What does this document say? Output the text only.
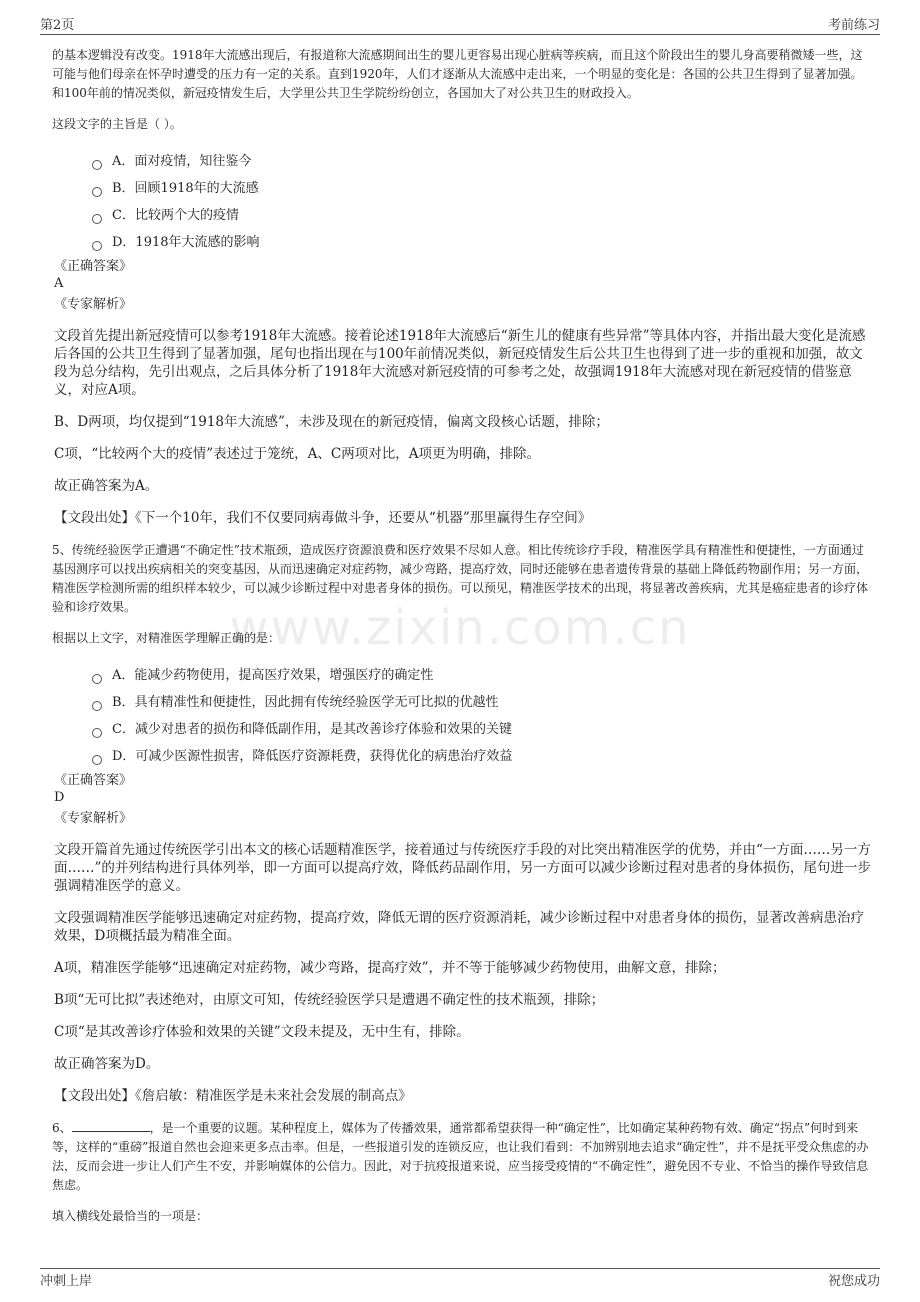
第2页	考前练习
www.zixin.com.cn

的基本逻辑没有改变。1918年大流感出现后，有报道称大流感期间出生的婴儿更容易出现心脏病等疾病，而且这个阶段出生的婴儿身高要稍微矮一些，这可能与他们母亲在怀孕时遭受的压力有一定的关系。直到1920年，人们才逐渐从大流感中走出来，一个明显的变化是：各国的公共卫生得到了显著加强。和100年前的情况类似，新冠疫情发生后，大学里公共卫生学院纷纷创立，各国加大了对公共卫生的财政投入。

这段文字的主旨是（ ）。

A．面对疫情，知往鉴今
B．回顾1918年的大流感
C．比较两个大的疫情
D．1918年大流感的影响
《正确答案》
A
《专家解析》

文段首先提出新冠疫情可以参考1918年大流感。接着论述1918年大流感后“新生儿的健康有些异常”等具体内容，并指出最大变化是流感后各国的公共卫生得到了显著加强，尾句也指出现在与100年前情况类似，新冠疫情发生后公共卫生也得到了进一步的重视和加强，故文段为总分结构，先引出观点，之后具体分析了1918年大流感对新冠疫情的可参考之处，故强调1918年大流感对现在新冠疫情的借鉴意义，对应A项。

B、D两项，均仅提到“1918年大流感”，未涉及现在的新冠疫情，偏离文段核心话题，排除；

C项，“比较两个大的疫情”表述过于笼统，A、C两项对比，A项更为明确，排除。

故正确答案为A。

【文段出处】《下一个10年，我们不仅要同病毒做斗争，还要从“机器”那里赢得生存空间》

5、传统经验医学正遭遇“不确定性”技术瓶颈，造成医疗资源浪费和医疗效果不尽如人意。相比传统诊疗手段，精准医学具有精准性和便捷性，一方面通过基因测序可以找出疾病相关的突变基因，从而迅速确定对症药物，减少弯路，提高疗效，同时还能够在患者遗传背景的基础上降低药物副作用；另一方面，精准医学检测所需的组织样本较少，可以减少诊断过程中对患者身体的损伤。可以预见，精准医学技术的出现，将显著改善疾病，尤其是癌症患者的诊疗体验和诊疗效果。

根据以上文字，对精准医学理解正确的是：

A．能减少药物使用，提高医疗效果，增强医疗的确定性
B．具有精准性和便捷性，因此拥有传统经验医学无可比拟的优越性
C．减少对患者的损伤和降低副作用，是其改善诊疗体验和效果的关键
D．可减少医源性损害，降低医疗资源耗费，获得优化的病患治疗效益
《正确答案》
D
《专家解析》

文段开篇首先通过传统医学引出本文的核心话题精准医学，接着通过与传统医疗手段的对比突出精准医学的优势，并由“一方面……另一方面……”的并列结构进行具体列举，即一方面可以提高疗效，降低药品副作用，另一方面可以减少诊断过程对患者的身体损伤，尾句进一步强调精准医学的意义。

文段强调精准医学能够迅速确定对症药物，提高疗效，降低无谓的医疗资源消耗，减少诊断过程中对患者身体的损伤，显著改善病患治疗效果，D项概括最为精准全面。

A项，精准医学能够“迅速确定对症药物，减少弯路，提高疗效”，并不等于能够减少药物使用，曲解文意，排除；

B项“无可比拟”表述绝对，由原文可知，传统经验医学只是遭遇不确定性的技术瓶颈，排除；

C项“是其改善诊疗体验和效果的关键”文段未提及，无中生有，排除。

故正确答案为D。

【文段出处】《詹启敏：精准医学是未来社会发展的制高点》

6、	，是一个重要的议题。某种程度上，媒体为了传播效果，通常都希望获得一种“确定性”，比如确定某种药物有效、确定“拐点”何时到来等，这样的“重磅”报道自然也会迎来更多点击率。但是，一些报道引发的连锁反应，也让我们看到：不加辨别地去追求“确定性”，并不是抚平受众焦虑的办法，反而会进一步让人们产生不安，并影响媒体的公信力。因此，对于抗疫报道来说，应当接受疫情的“不确定性”，避免因不专业、不恰当的操作导致信息焦虑。

填入横线处最恰当的一项是：

冲刺上岸	祝您成功
